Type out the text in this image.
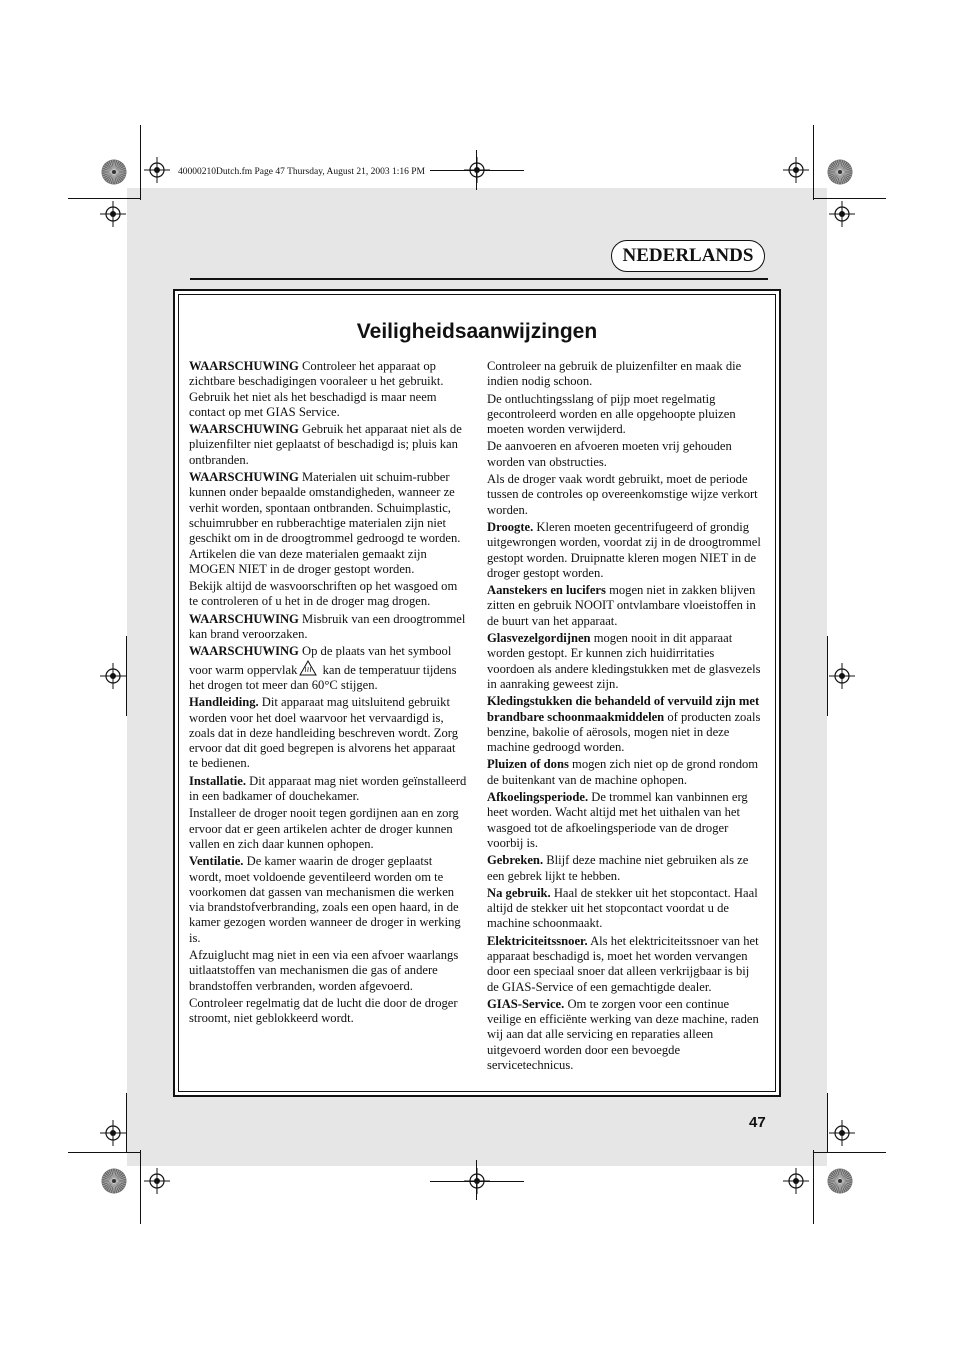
40000210Dutch.fm Page 47 Thursday, August 21, 2003 1:16 PM
NEDERLANDS
Veiligheidsaanwijzingen

WAARSCHUWING Controleer het apparaat op zichtbare beschadigingen vooraleer u het gebruikt. Gebruik het niet als het beschadigd is maar neem contact op met GIAS Service.

WAARSCHUWING Gebruik het apparaat niet als de pluizenfilter niet geplaatst of beschadigd is; pluis kan ontbranden.

WAARSCHUWING Materialen uit schuim-rubber kunnen onder bepaalde omstandigheden, wanneer ze verhit worden, spontaan ontbranden. Schuimplastic, schuimrubber en rubberachtige materialen zijn niet geschikt om in de droogtrommel gedroogd te worden. Artikelen die van deze materialen gemaakt zijn MOGEN NIET in de droger gestopt worden.

Bekijk altijd de wasvoorschriften op het wasgoed om te controleren of u het in de droger mag drogen.

WAARSCHUWING Misbruik van een droogtrommel kan brand veroorzaken.

WAARSCHUWING Op de plaats van het symbool voor warm oppervlak kan de temperatuur tijdens het drogen tot meer dan 60°C stijgen.

Handleiding. Dit apparaat mag uitsluitend gebruikt worden voor het doel waarvoor het vervaardigd is, zoals dat in deze handleiding beschreven wordt. Zorg ervoor dat dit goed begrepen is alvorens het apparaat te bedienen.

Installatie. Dit apparaat mag niet worden geïnstalleerd in een badkamer of douchekamer.

Installeer de droger nooit tegen gordijnen aan en zorg ervoor dat er geen artikelen achter de droger kunnen vallen en zich daar kunnen ophopen.

Ventilatie. De kamer waarin de droger geplaatst wordt, moet voldoende geventileerd worden om te voorkomen dat gassen van mechanismen die werken via brandstofverbranding, zoals een open haard, in de kamer gezogen worden wanneer de droger in werking is.

Afzuiglucht mag niet in een via een afvoer waarlangs uitlaatstoffen van mechanismen die gas of andere brandstoffen verbranden, worden afgevoerd.

Controleer regelmatig dat de lucht die door de droger stroomt, niet geblokkeerd wordt.

Controleer na gebruik de pluizenfilter en maak die indien nodig schoon.

De ontluchtingsslang of pijp moet regelmatig gecontroleerd worden en alle opgehoopte pluizen moeten worden verwijderd.

De aanvoeren en afvoeren moeten vrij gehouden worden van obstructies.

Als de droger vaak wordt gebruikt, moet de periode tussen de controles op overeenkomstige wijze verkort worden.

Droogte. Kleren moeten gecentrifugeerd of grondig uitgewrongen worden, voordat zij in de droogtrommel gestopt worden. Druipnatte kleren mogen NIET in de droger gestopt worden.

Aanstekers en lucifers mogen niet in zakken blijven zitten en gebruik NOOIT ontvlambare vloeistoffen in de buurt van het apparaat.

Glasvezelgordijnen mogen nooit in dit apparaat worden gestopt. Er kunnen zich huidirritaties voordoen als andere kledingstukken met de glasvezels in aanraking geweest zijn.

Kledingstukken die behandeld of vervuild zijn met brandbare schoonmaakmiddelen of producten zoals benzine, bakolie of aërosols, mogen niet in deze machine gedroogd worden.

Pluizen of dons mogen zich niet op de grond rondom de buitenkant van de machine ophopen.

Afkoelingsperiode. De trommel kan vanbinnen erg heet worden. Wacht altijd met het uithalen van het wasgoed tot de afkoelingsperiode van de droger voorbij is.

Gebreken. Blijf deze machine niet gebruiken als ze een gebrek lijkt te hebben.

Na gebruik. Haal de stekker uit het stopcontact. Haal altijd de stekker uit het stopcontact voordat u de machine schoonmaakt.

Elektriciteitssnoer. Als het elektriciteitssnoer van het apparaat beschadigd is, moet het worden vervangen door een speciaal snoer dat alleen verkrijgbaar is bij de GIAS-Service of een gemachtigde dealer.

GIAS-Service. Om te zorgen voor een continue veilige en efficiënte werking van deze machine, raden wij aan dat alle servicing en reparaties alleen uitgevoerd worden door een bevoegde servicetechnicus.

47
